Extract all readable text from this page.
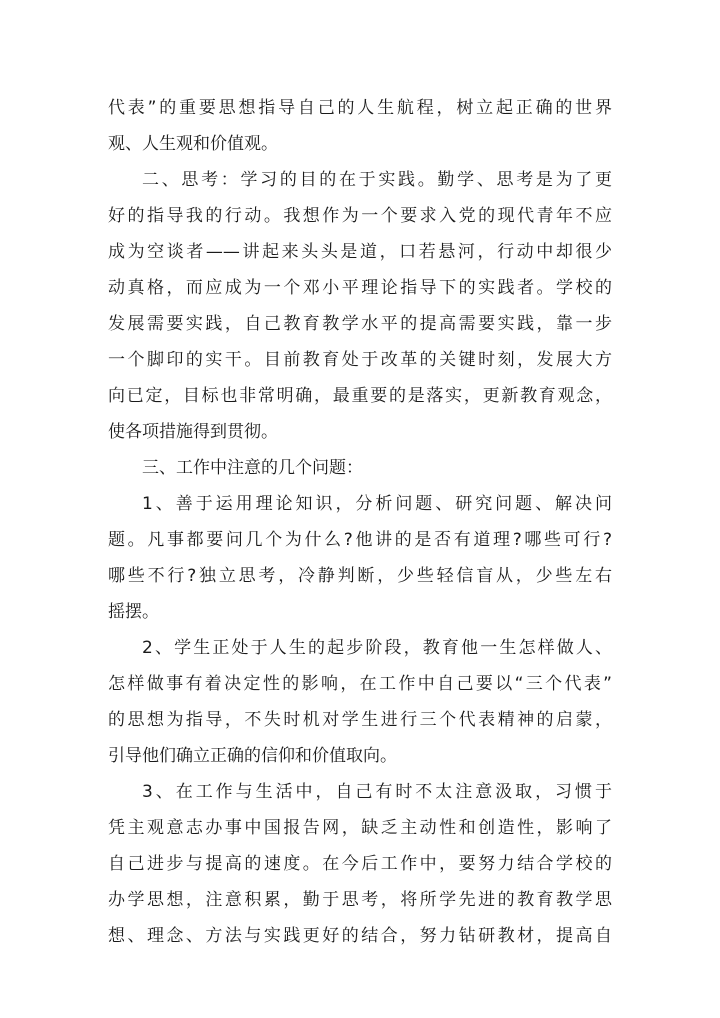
代表”的重要思想指导自己的人生航程，树立起正确的世界
观、人生观和价值观。
二、思考：学习的目的在于实践。勤学、思考是为了更
好的指导我的行动。我想作为一个要求入党的现代青年不应
成为空谈者——讲起来头头是道，口若悬河，行动中却很少
动真格，而应成为一个邓小平理论指导下的实践者。学校的
发展需要实践，自己教育教学水平的提高需要实践，靠一步
一个脚印的实干。目前教育处于改革的关键时刻，发展大方
向已定，目标也非常明确，最重要的是落实，更新教育观念，
使各项措施得到贯彻。
三、工作中注意的几个问题：
1、善于运用理论知识，分析问题、研究问题、解决问
题。凡事都要问几个为什么?他讲的是否有道理?哪些可行?
哪些不行?独立思考，冷静判断，少些轻信盲从，少些左右
摇摆。
2、学生正处于人生的起步阶段，教育他一生怎样做人、
怎样做事有着决定性的影响，在工作中自己要以“三个代表”
的思想为指导，不失时机对学生进行三个代表精神的启蒙，
引导他们确立正确的信仰和价值取向。
3、在工作与生活中，自己有时不太注意汲取，习惯于
凭主观意志办事中国报告网，缺乏主动性和创造性，影响了
自己进步与提高的速度。在今后工作中，要努力结合学校的
办学思想，注意积累，勤于思考，将所学先进的教育教学思
想、理念、方法与实践更好的结合，努力钻研教材，提高自
